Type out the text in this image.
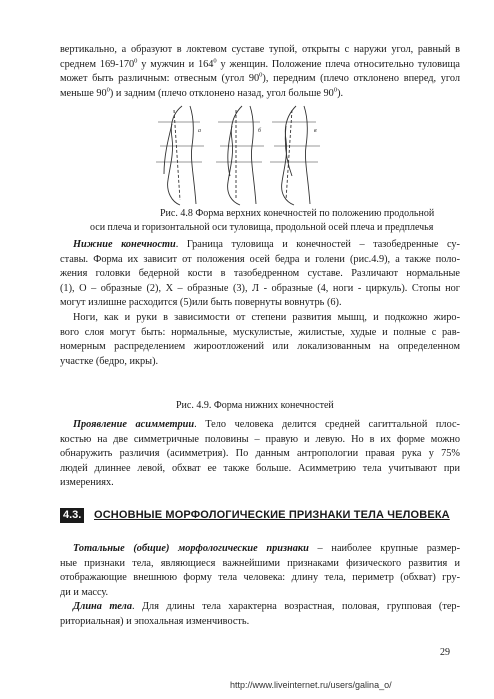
вертикально, а образуют в локтевом суставе тупой, открыты с наружи угол, равный в
среднем $169-170^0$ у мужчин и $164^0$ у женщин. Положение плеча относительно туловища
может быть различным: отвесным (угол $90^0$), передним (плечо отклонено вперед, угол
меньше $90^0$) и задним (плечо отклонено назад, угол больше $90^0$).
а	б	в

Рис. 4.8 Форма верхних конечностей по положению продольной

оси плеча и горизонтальной оси туловища, продольной осей плеча и предплечья

Нижние конечности. Граница туловища и конечностей – тазобедренные су-
ставы. Форма их зависит от положения осей бедра и голени (рис.4.9), а также поло-
жения головки бедерной кости в тазобедренном суставе. Различают нормальные
(1), О – образные (2), Х – образные (3), Л - образные (4, ноги - циркуль). Стопы ног
могут излишне расходится (5)или быть повернуты вовнутрь (6).
Ноги, как и руки в зависимости от степени развития мышц, и подкожно жиро-
вого слоя могут быть: нормальные, мускулистые, жилистые, худые и полные с рав-
номерным распределением жироотложений или локализованным на определенном
участке (бедро, икры).

Рис. 4.9. Форма нижних конечностей

Проявление асимметрии. Тело человека делится средней сагиттальной плос-
костью на две симметричные половины – правую и левую. Но в их форме можно
обнаружить различия (асимметрия). По данным антропологии правая рука у 75%
людей длиннее левой, обхват ее также больше. Асимметрию тела учитывают при
измерениях.
4.3. ОСНОВНЫЕ МОРФОЛОГИЧЕСКИЕ ПРИЗНАКИ ТЕЛА ЧЕЛОВЕКА
Тотальные (общие) морфологические признаки – наиболее крупные размер-
ные признаки тела, являющиеся важнейшими признаками физического развития и
отображающие внешнюю форму тела человека: длину тела, периметр (обхват) гру-
ди и массу.
Длина тела. Для длины тела характерна возрастная, половая, групповая (тер-
риториальная) и эпохальная изменчивость.
29
http://www.liveinternet.ru/users/galina_o/
